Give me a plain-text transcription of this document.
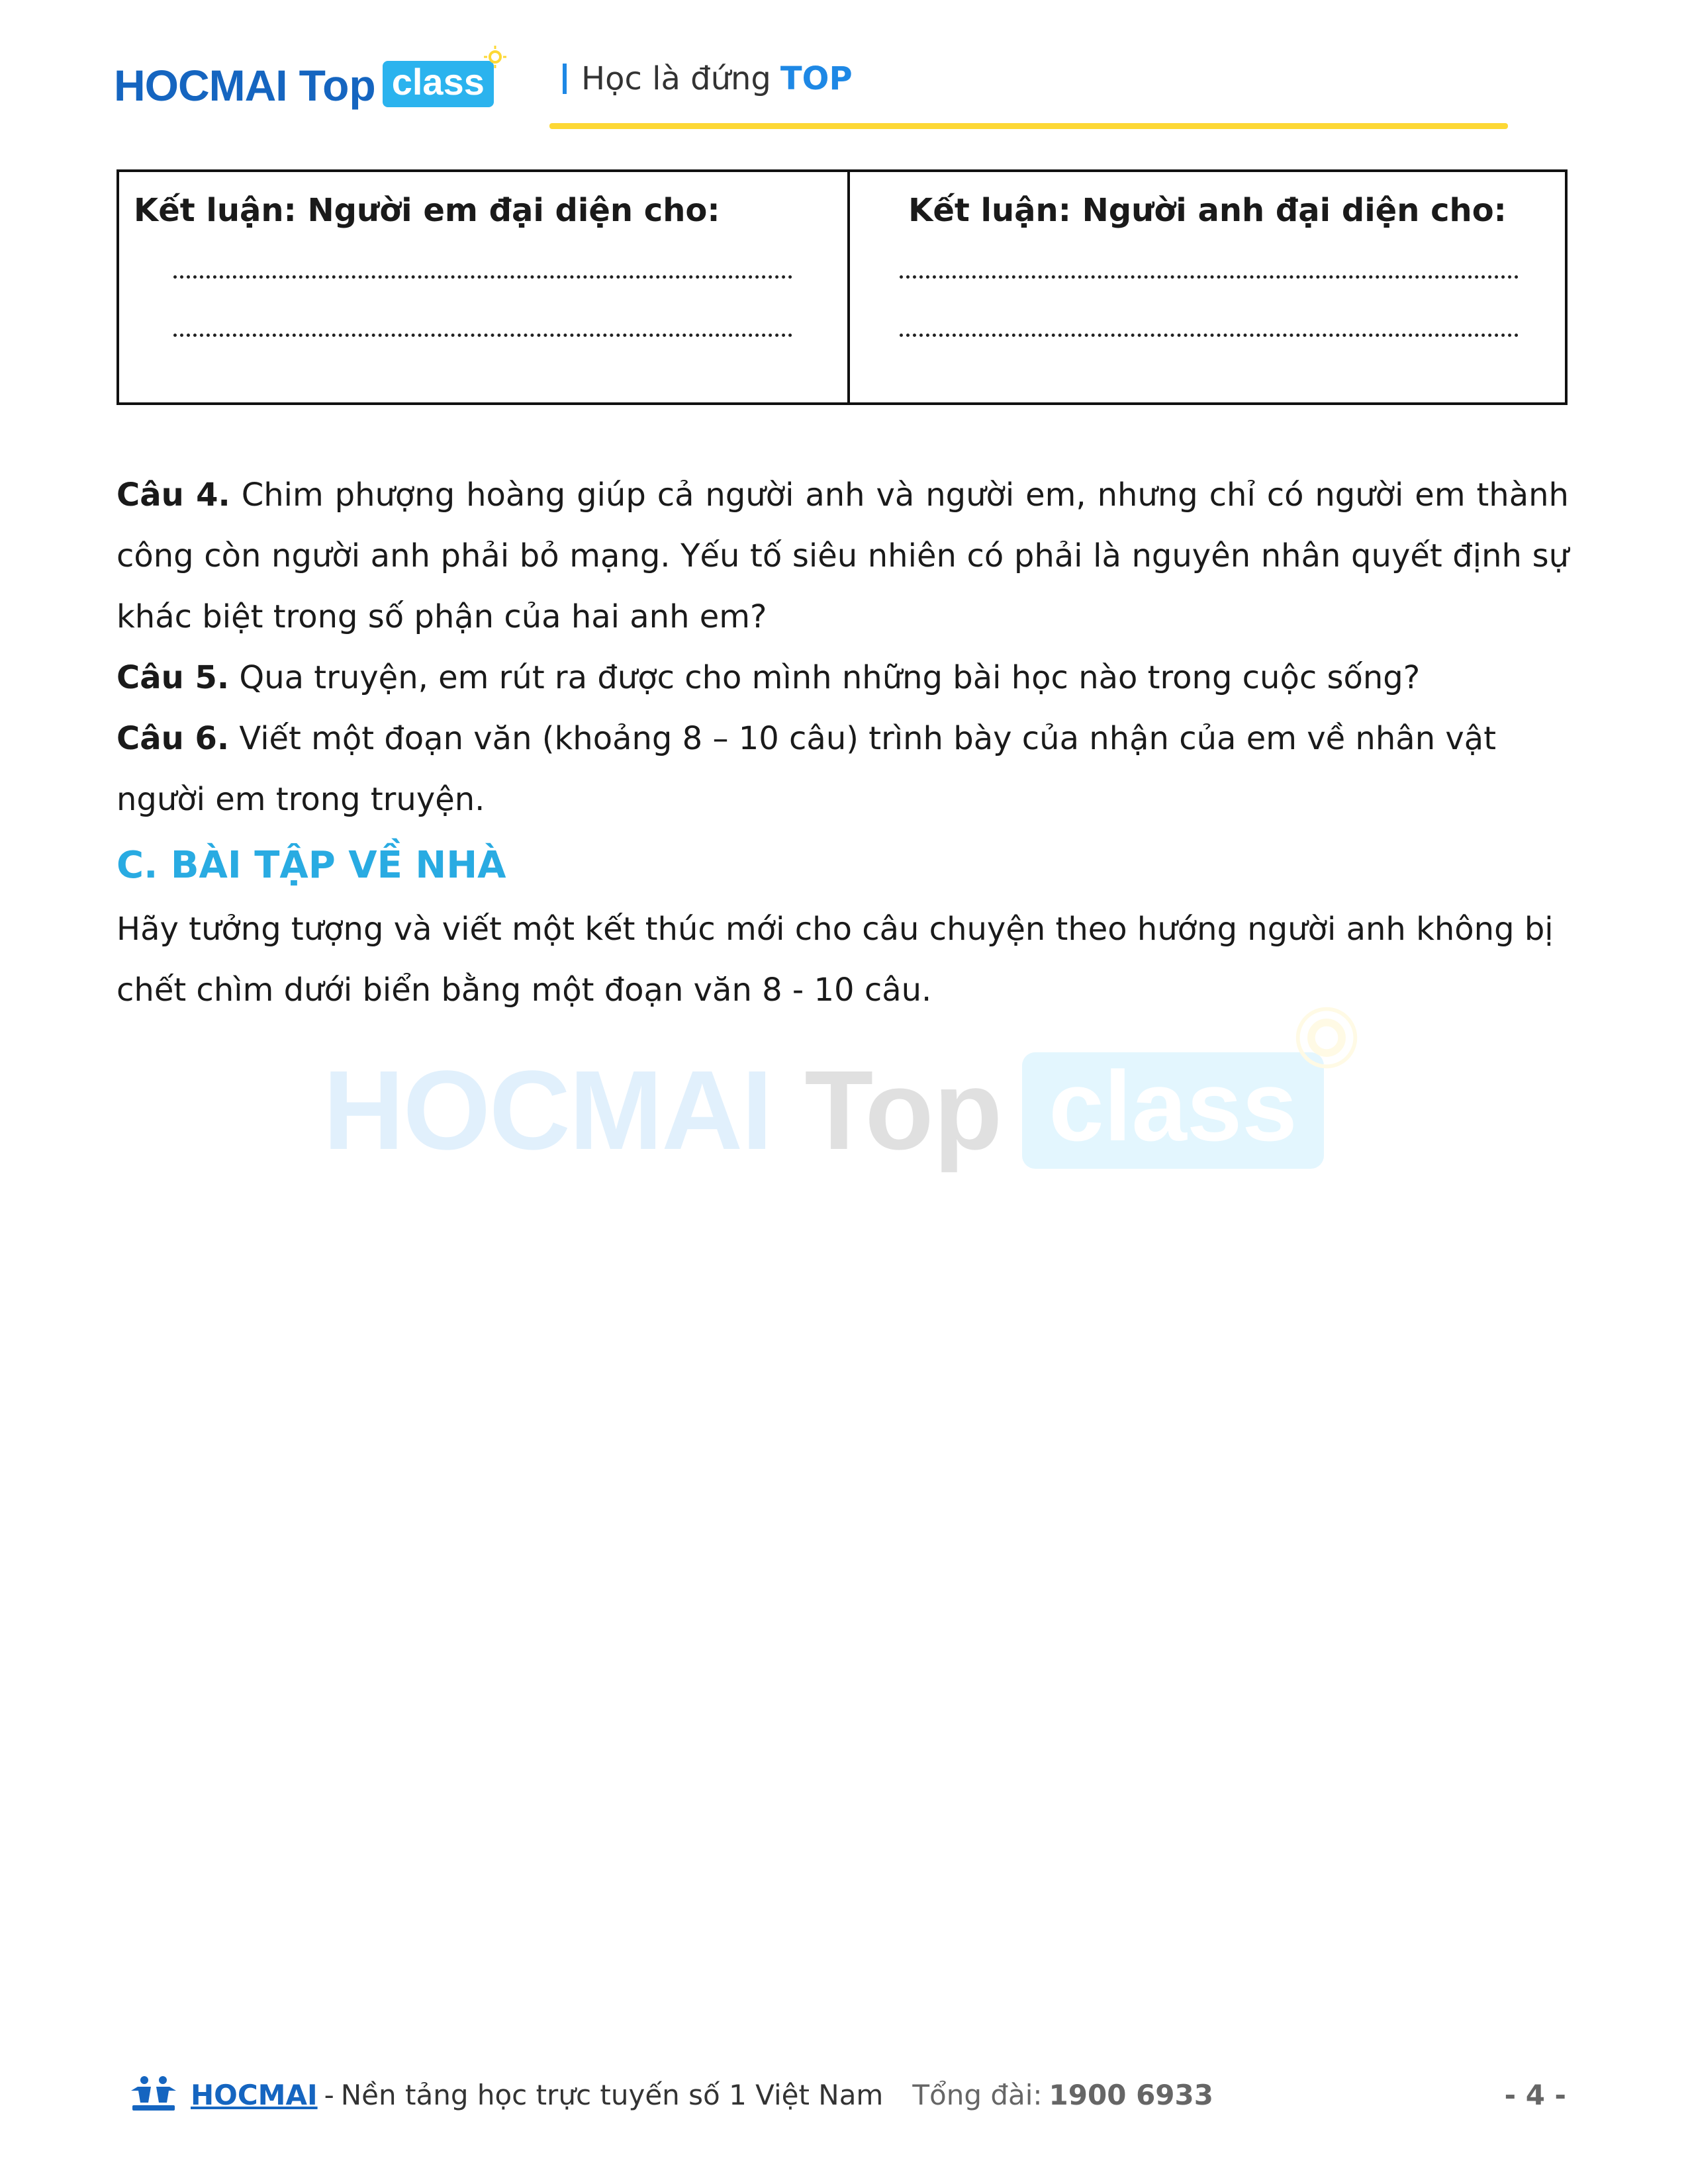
HOCMAI Top class	Học là đứng TOP
Kết luận: Người em đại diện cho:	Kết luận: Người anh đại diện cho:

Câu 4. Chim phượng hoàng giúp cả người anh và người em, nhưng chỉ có người em thành công còn người anh phải bỏ mạng. Yếu tố siêu nhiên có phải là nguyên nhân quyết định sự khác biệt trong số phận của hai anh em?

Câu 5. Qua truyện, em rút ra được cho mình những bài học nào trong cuộc sống?

Câu 6. Viết một đoạn văn (khoảng 8 – 10 câu) trình bày của nhận của em về nhân vật người em trong truyện.

C. BÀI TẬP VỀ NHÀ

Hãy tưởng tượng và viết một kết thúc mới cho câu chuyện theo hướng người anh không bị chết chìm dưới biển bằng một đoạn văn 8 - 10 câu.

HOCMAI Top class
HOCMAI - Nền tảng học trực tuyến số 1 Việt Nam Tổng đài: 1900 6933	- 4 -
